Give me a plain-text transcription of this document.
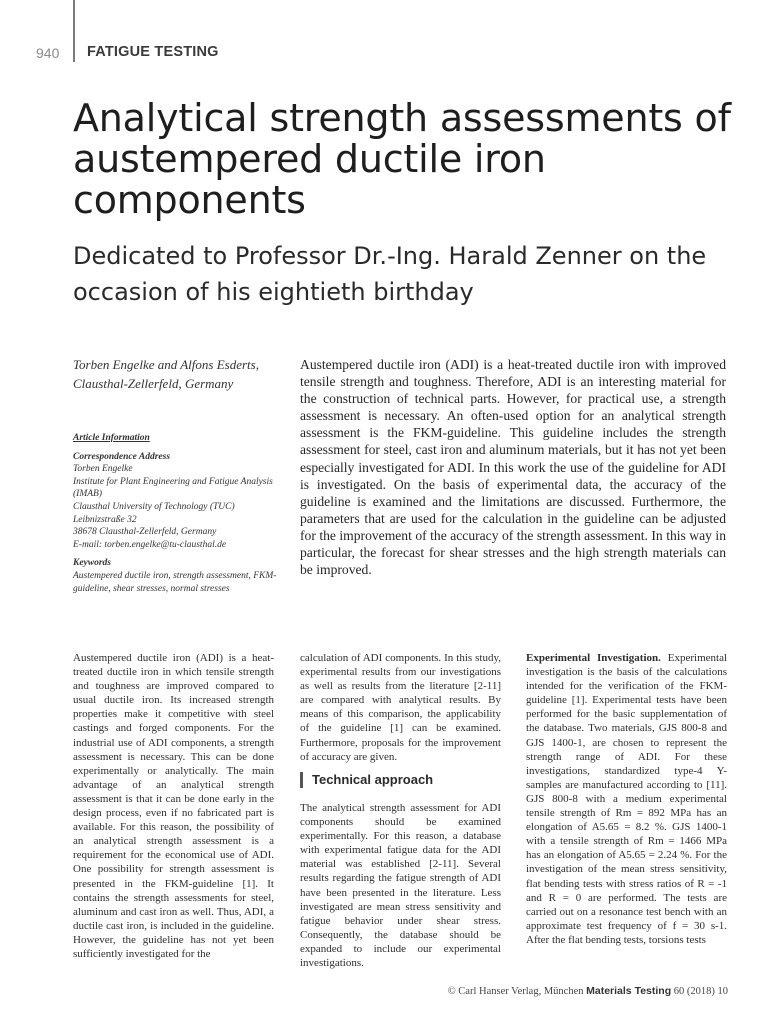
940 FATIGUE TESTING
Analytical strength assessments of austempered ductile iron components
Dedicated to Professor Dr.-Ing. Harald Zenner on the occasion of his eightieth birthday
Torben Engelke and Alfons Esderts, Clausthal-Zellerfeld, Germany
Article Information
Correspondence Address
Torben Engelke
Institute for Plant Engineering and Fatigue Analysis (IMAB)
Clausthal University of Technology (TUC)
Leibnizstraße 32
38678 Clausthal-Zellerfeld, Germany
E-mail: torben.engelke@tu-clausthal.de
Keywords
Austempered ductile iron, strength assessment, FKM-guideline, shear stresses, normal stresses
Austempered ductile iron (ADI) is a heat-treated ductile iron with improved tensile strength and toughness. Therefore, ADI is an interesting material for the construction of technical parts. However, for practical use, a strength assessment is necessary. An often-used option for an analytical strength assessment is the FKM-guideline. This guideline includes the strength assessment for steel, cast iron and aluminum materials, but it has not yet been especially investigated for ADI. In this work the use of the guideline for ADI is investigated. On the basis of experimental data, the accuracy of the guideline is examined and the limitations are discussed. Furthermore, the parameters that are used for the calculation in the guideline can be adjusted for the improvement of the accuracy of the strength assessment. In this way in particular, the forecast for shear stresses and the high strength materials can be improved.
Austempered ductile iron (ADI) is a heat-treated ductile iron in which tensile strength and toughness are improved compared to usual ductile iron. Its increased strength properties make it competitive with steel castings and forged components. For the industrial use of ADI components, a strength assessment is necessary. This can be done experimentally or analytically. The main advantage of an analytical strength assessment is that it can be done early in the design process, even if no fabricated part is available. For this reason, the possibility of an analytical strength assessment is a requirement for the economical use of ADI. One possibility for strength assessment is presented in the FKM-guideline [1]. It contains the strength assessments for steel, aluminum and cast iron as well. Thus, ADI, a ductile cast iron, is included in the guideline. However, the guideline has not yet been sufficiently investigated for the
calculation of ADI components. In this study, experimental results from our investigations as well as results from the literature [2-11] are compared with analytical results. By means of this comparison, the applicability of the guideline [1] can be examined. Furthermore, proposals for the improvement of accuracy are given.
Technical approach
The analytical strength assessment for ADI components should be examined experimentally. For this reason, a database with experimental fatigue data for the ADI material was established [2-11]. Several results regarding the fatigue strength of ADI have been presented in the literature. Less investigated are mean stress sensitivity and fatigue behavior under shear stress. Consequently, the database should be expanded to include our experimental investigations.
Experimental Investigation. Experimental investigation is the basis of the calculations intended for the verification of the FKM-guideline [1]. Experimental tests have been performed for the basic supplementation of the database. Two materials, GJS 800-8 and GJS 1400-1, are chosen to represent the strength range of ADI. For these investigations, standardized type-4 Y-samples are manufactured according to [11]. GJS 800-8 with a medium experimental tensile strength of Rm = 892 MPa has an elongation of A5.65 = 8.2 %. GJS 1400-1 with a tensile strength of Rm = 1466 MPa has an elongation of A5.65 = 2.24 %. For the investigation of the mean stress sensitivity, flat bending tests with stress ratios of R = -1 and R = 0 are performed. The tests are carried out on a resonance test bench with an approximate test frequency of f = 30 s-1. After the flat bending tests, torsions tests
© Carl Hanser Verlag, München Materials Testing 60 (2018) 10
